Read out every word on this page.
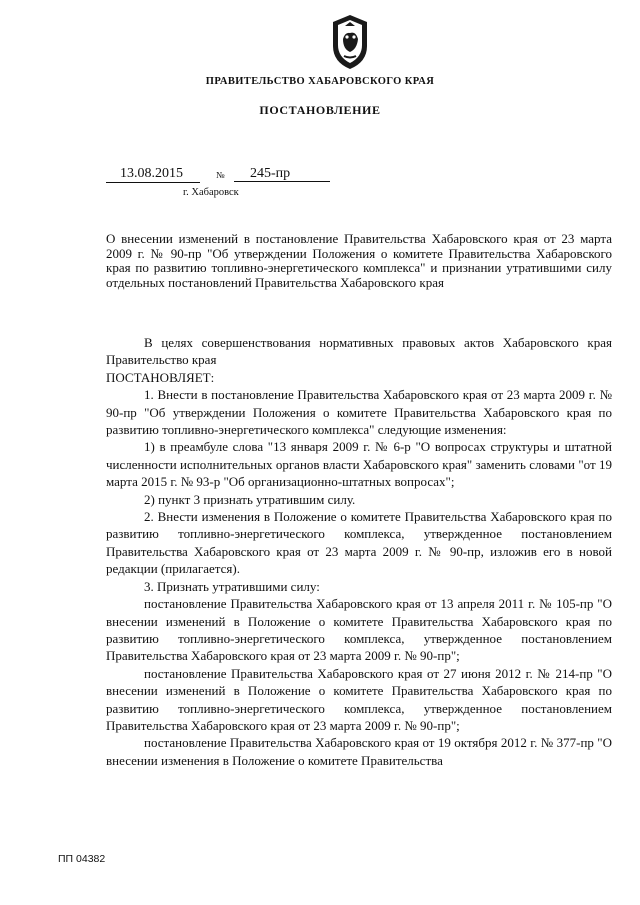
ПРАВИТЕЛЬСТВО ХАБАРОВСКОГО КРАЯ
ПОСТАНОВЛЕНИЕ
13.08.2015	№	245-пр
г. Хабаровск
О внесении изменений в постановление Правительства Хабаровского края от 23 марта 2009 г. № 90-пр "Об утверждении Положения о комитете Правительства Хабаровского края по развитию топливно-энергетического комплекса" и признании утратившими силу отдельных постановлений Правительства Хабаровского края

В целях совершенствования нормативных правовых актов Хабаровского края Правительство края

ПОСТАНОВЛЯЕТ:

1. Внести в постановление Правительства Хабаровского края от 23 марта 2009 г. № 90-пр "Об утверждении Положения о комитете Правительства Хабаровского края по развитию топливно-энергетического комплекса" следующие изменения:

1) в преамбуле слова "13 января 2009 г. № 6-р "О вопросах структуры и штатной численности исполнительных органов власти Хабаровского края" заменить словами "от 19 марта 2015 г. № 93-р "Об организационно-штатных вопросах";

2) пункт 3 признать утратившим силу.

2. Внести изменения в Положение о комитете Правительства Хабаровского края по развитию топливно-энергетического комплекса, утвержденное постановлением Правительства Хабаровского края от 23 марта 2009 г. № 90-пр, изложив его в новой редакции (прилагается).

3. Признать утратившими силу:

постановление Правительства Хабаровского края от 13 апреля 2011 г. № 105-пр "О внесении изменений в Положение о комитете Правительства Хабаровского края по развитию топливно-энергетического комплекса, утвержденное постановлением Правительства Хабаровского края от 23 марта 2009 г. № 90-пр";

постановление Правительства Хабаровского края от 27 июня 2012 г. № 214-пр "О внесении изменений в Положение о комитете Правительства Хабаровского края по развитию топливно-энергетического комплекса, утвержденное постановлением Правительства Хабаровского края от 23 марта 2009 г. № 90-пр";

постановление Правительства Хабаровского края от 19 октября 2012 г. № 377-пр "О внесении изменения в Положение о комитете Правительства

ПП 04382
